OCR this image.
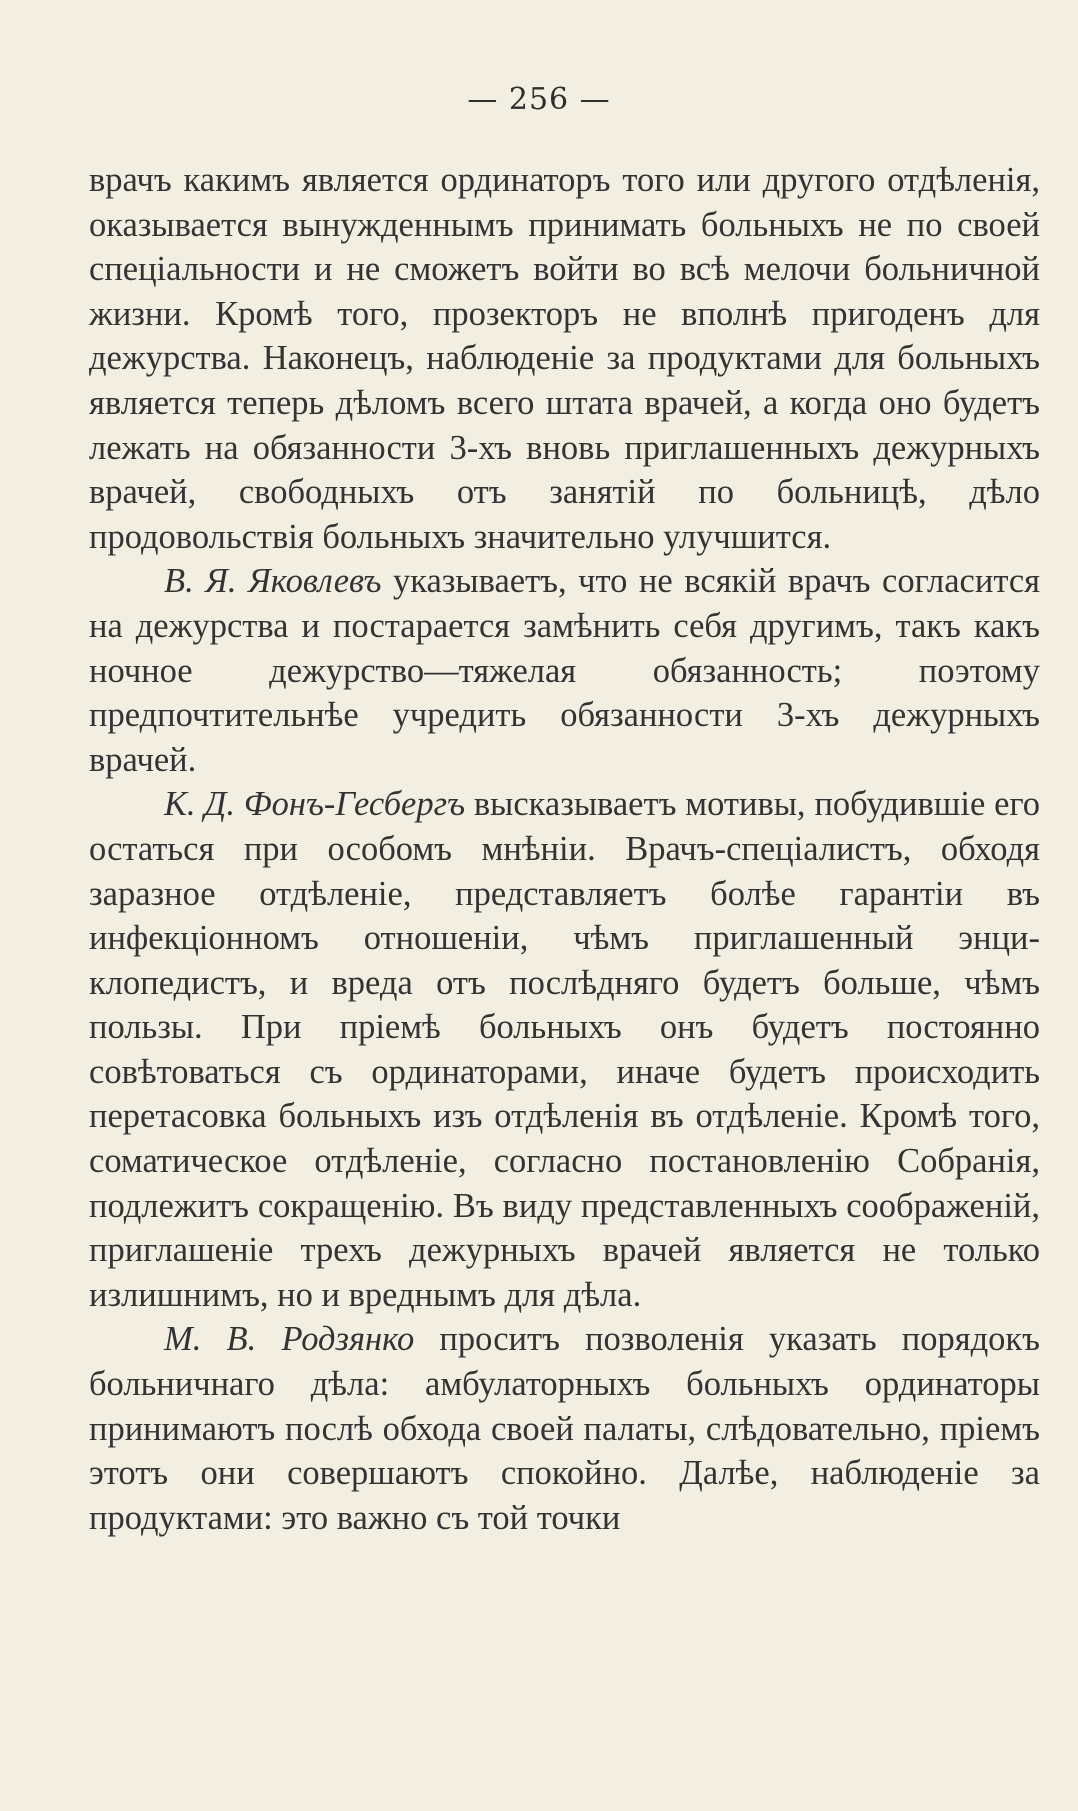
— 256 —

врачъ какимъ является ординаторъ того или другого отдѣленія, оказывается вынужденнымъ принимать больныхъ не по своей спеціальности и не сможетъ войти во всѣ мелочи больничной жизни. Кромѣ того, прозекторъ не вполнѣ пригоденъ для дежурства. Наконецъ, наблюденіе за продуктами для больныхъ является теперь дѣломъ всего штата врачей, а когда оно будетъ лежать на обязанности 3-хъ вновь приглашенныхъ дежурныхъ врачей, свободныхъ отъ занятій по больницѣ, дѣло продовольствія больныхъ значительно улучшится.

В. Я. Яковлевъ указываетъ, что не всякій врачъ согласится на дежурства и постарается замѣнить себя другимъ, такъ какъ ночное дежурство—тяжелая обязанность; поэтому предпочтительнѣе учредить обязанности 3-хъ дежурныхъ врачей.

К. Д. Фонъ-Гесбергъ высказываетъ мотивы, побудившіе его остаться при особомъ мнѣніи. Врачъ-спеціалистъ, обходя заразное отдѣленіе, представляетъ болѣе гарантіи въ инфекціонномъ отношеніи, чѣмъ приглашенный энциклопедистъ, и вреда отъ послѣдняго будетъ больше, чѣмъ пользы. При пріемѣ больныхъ онъ будетъ постоянно совѣтоваться съ ординаторами, иначе будетъ происходить перетасовка больныхъ изъ отдѣленія въ отдѣленіе. Кромѣ того, соматическое отдѣленіе, согласно постановленію Собранія, подлежитъ сокращенію. Въ виду представленныхъ соображеній, приглашеніе трехъ дежурныхъ врачей является не только излишнимъ, но и вреднымъ для дѣла.

М. В. Родзянко проситъ позволенія указать порядокъ больничнаго дѣла: амбулаторныхъ больныхъ ординаторы принимаютъ послѣ обхода своей палаты, слѣдовательно, пріемъ этотъ они совершаютъ спокойно. Далѣе, наблюденіе за продуктами: это важно съ той точки
